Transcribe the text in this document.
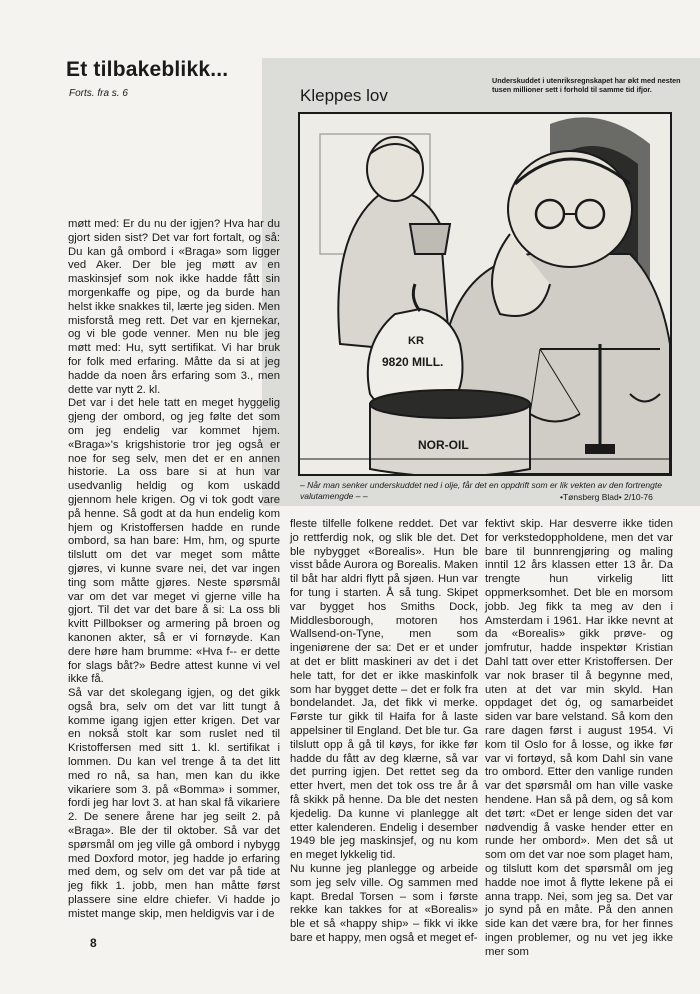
Et tilbakeblikk...
Forts. fra s. 6	Kleppes lov
Underskuddet i utenriksregnskapet har økt med nesten tusen millioner sett i forhold til samme tid ifjor.
KR
9820 MILL.
NOR-OIL
– Når man senker underskuddet ned i olje, får det en oppdrift som er lik vekten av den fortrengte valutamengde – –	•Tønsberg Blad• 2/10-76

møtt med: Er du nu der igjen? Hva har du gjort siden sist? Det var fort fortalt, og så: Du kan gå ombord i «Braga» som ligger ved Aker. Der ble jeg møtt av en maskinsjef som nok ikke hadde fått sin morgenkaffe og pipe, og da burde han helst ikke snakkes til, lærte jeg siden. Men misforstå meg rett. Det var en kjernekar, og vi ble gode venner. Men nu ble jeg møtt med: Hu, sytt sertifikat. Vi har bruk for folk med erfaring. Måtte da si at jeg hadde da noen års erfaring som 3., men dette var nytt 2. kl.

Det var i det hele tatt en meget hyggelig gjeng der ombord, og jeg følte det som om jeg endelig var kommet hjem. «Braga»'s krigshistorie tror jeg også er noe for seg selv, men det er en annen historie. La oss bare si at hun var usedvanlig heldig og kom uskadd gjennom hele krigen. Og vi tok godt vare på henne. Så godt at da hun endelig kom hjem og Kristoffersen hadde en runde ombord, sa han bare: Hm, hm, og spurte tilslutt om det var meget som måtte gjøres, vi kunne svare nei, det var ingen ting som måtte gjøres. Neste spørsmål var om det var meget vi gjerne ville ha gjort. Til det var det bare å si: La oss bli kvitt Pillbokser og armering på broen og kanonen akter, så er vi fornøyde. Kan dere høre ham brumme: «Hva f-- er dette for slags båt?» Bedre attest kunne vi vel ikke få.

Så var det skolegang igjen, og det gikk også bra, selv om det var litt tungt å komme igang igjen etter krigen. Det var en nokså stolt kar som ruslet ned til Kristoffersen med sitt 1. kl. sertifikat i lommen. Du kan vel trenge å ta det litt med ro nå, sa han, men kan du ikke vikariere som 3. på «Bomma» i sommer, fordi jeg har lovt 3. at han skal få vikariere 2. De senere årene har jeg seilt 2. på «Braga». Ble der til oktober. Så var det spørsmål om jeg ville gå ombord i nybygg med Doxford motor, jeg hadde jo erfaring med dem, og selv om det var på tide at jeg fikk 1. jobb, men han måtte først plassere sine eldre chiefer. Vi hadde jo mistet mange skip, men heldigvis var i de

fleste tilfelle folkene reddet. Det var jo rettferdig nok, og slik ble det. Det ble nybygget «Borealis». Hun ble visst både Aurora og Borealis. Maken til båt har aldri flytt på sjøen. Hun var for tung i starten. Å så tung. Skipet var bygget hos Smiths Dock, Middlesborough, motoren hos Wallsend-on-Tyne, men som ingeniørene der sa: Det er et under at det er blitt maskineri av det i det hele tatt, for det er ikke maskinfolk som har bygget dette – det er folk fra bondelandet. Ja, det fikk vi merke. Første tur gikk til Haifa for å laste appelsiner til England. Det ble tur. Ga tilslutt opp å gå til køys, for ikke før hadde du fått av deg klærne, så var det purring igjen. Det rettet seg da etter hvert, men det tok oss tre år å få skikk på henne. Da ble det nesten kjedelig. Da kunne vi planlegge alt etter kalenderen. Endelig i desember 1949 ble jeg maskinsjef, og nu kom en meget lykkelig tid.

Nu kunne jeg planlegge og arbeide som jeg selv ville. Og sammen med kapt. Bredal Torsen – som i første rekke kan takkes for at «Borealis» ble et så «happy ship» – fikk vi ikke bare et happy, men også et meget ef-

fektivt skip. Har desverre ikke tiden for verkstedoppholdene, men det var bare til bunnrengjøring og maling inntil 12 års klassen etter 13 år. Da trengte hun virkelig litt oppmerksomhet. Det ble en morsom jobb. Jeg fikk ta meg av den i Amsterdam i 1961. Har ikke nevnt at da «Borealis» gikk prøve- og jomfrutur, hadde inspektør Kristian Dahl tatt over etter Kristoffersen. Der var nok braser til å begynne med, uten at det var min skyld. Han oppdaget det óg, og samarbeidet siden var bare velstand. Så kom den rare dagen først i august 1954. Vi kom til Oslo for å losse, og ikke før var vi fortøyd, så kom Dahl sin vane tro ombord. Etter den vanlige runden var det spørsmål om han ville vaske hendene. Han så på dem, og så kom det tørt: «Det er lenge siden det var nødvendig å vaske hender etter en runde her ombord». Men det så ut som om det var noe som plaget ham, og tilslutt kom det spørsmål om jeg hadde noe imot å flytte lekene på ei anna trapp. Nei, som jeg sa. Det var jo synd på en måte. På den annen side kan det være bra, for her finnes ingen problemer, og nu vet jeg ikke mer som

8
